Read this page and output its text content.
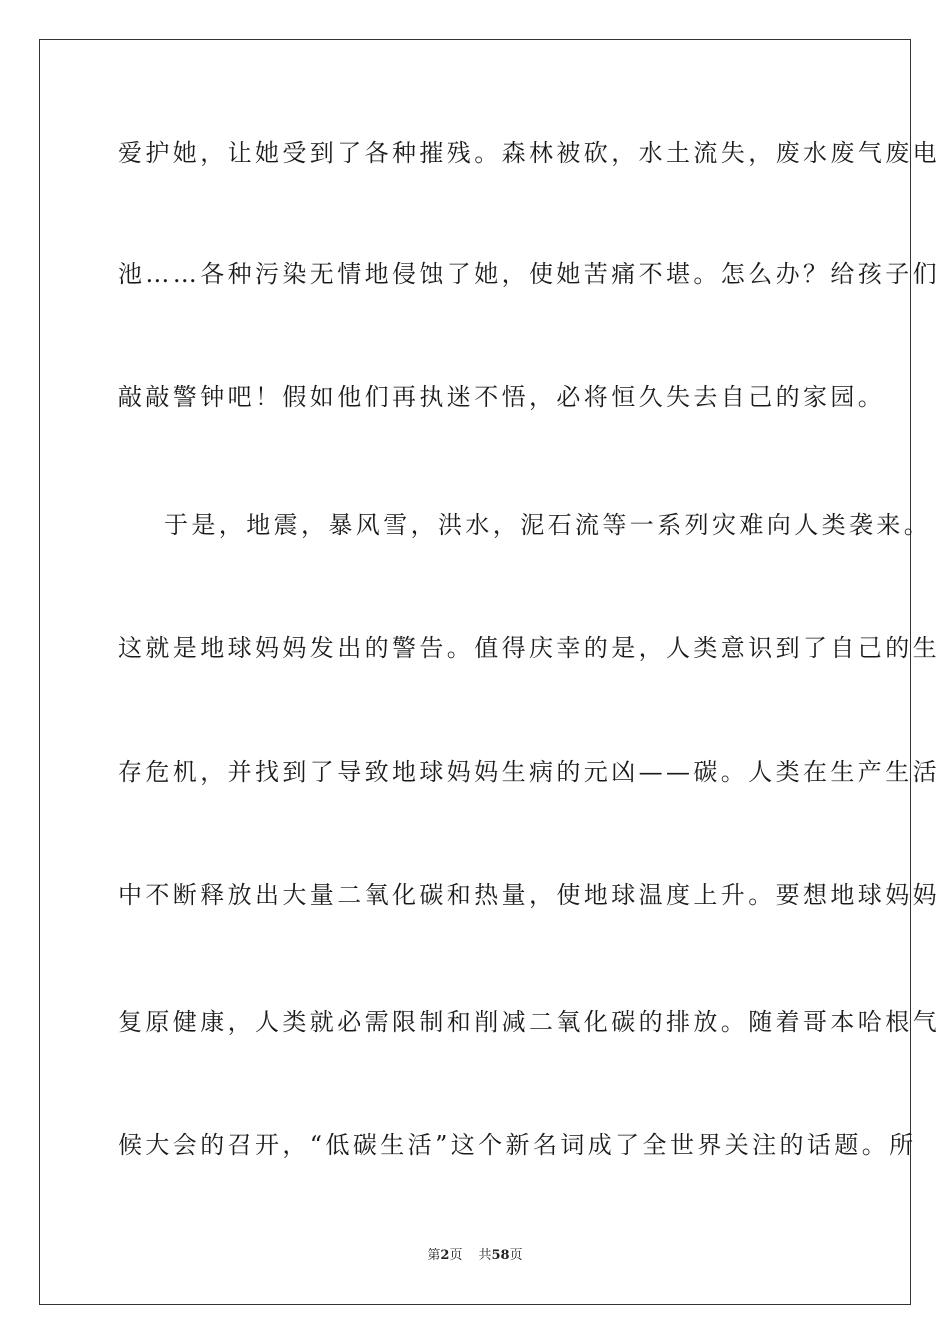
爱护她，让她受到了各种摧残。森林被砍，水土流失，废水废气废电
池……各种污染无情地侵蚀了她，使她苦痛不堪。怎么办？给孩子们
敲敲警钟吧！假如他们再执迷不悟，必将恒久失去自己的家园。
于是，地震，暴风雪，洪水，泥石流等一系列灾难向人类袭来。
这就是地球妈妈发出的警告。值得庆幸的是，人类意识到了自己的生
存危机，并找到了导致地球妈妈生病的元凶——碳。人类在生产生活
中不断释放出大量二氧化碳和热量，使地球温度上升。要想地球妈妈
复原健康，人类就必需限制和削减二氧化碳的排放。随着哥本哈根气
候大会的召开，“低碳生活”这个新名词成了全世界关注的话题。所
第2页 共58页
